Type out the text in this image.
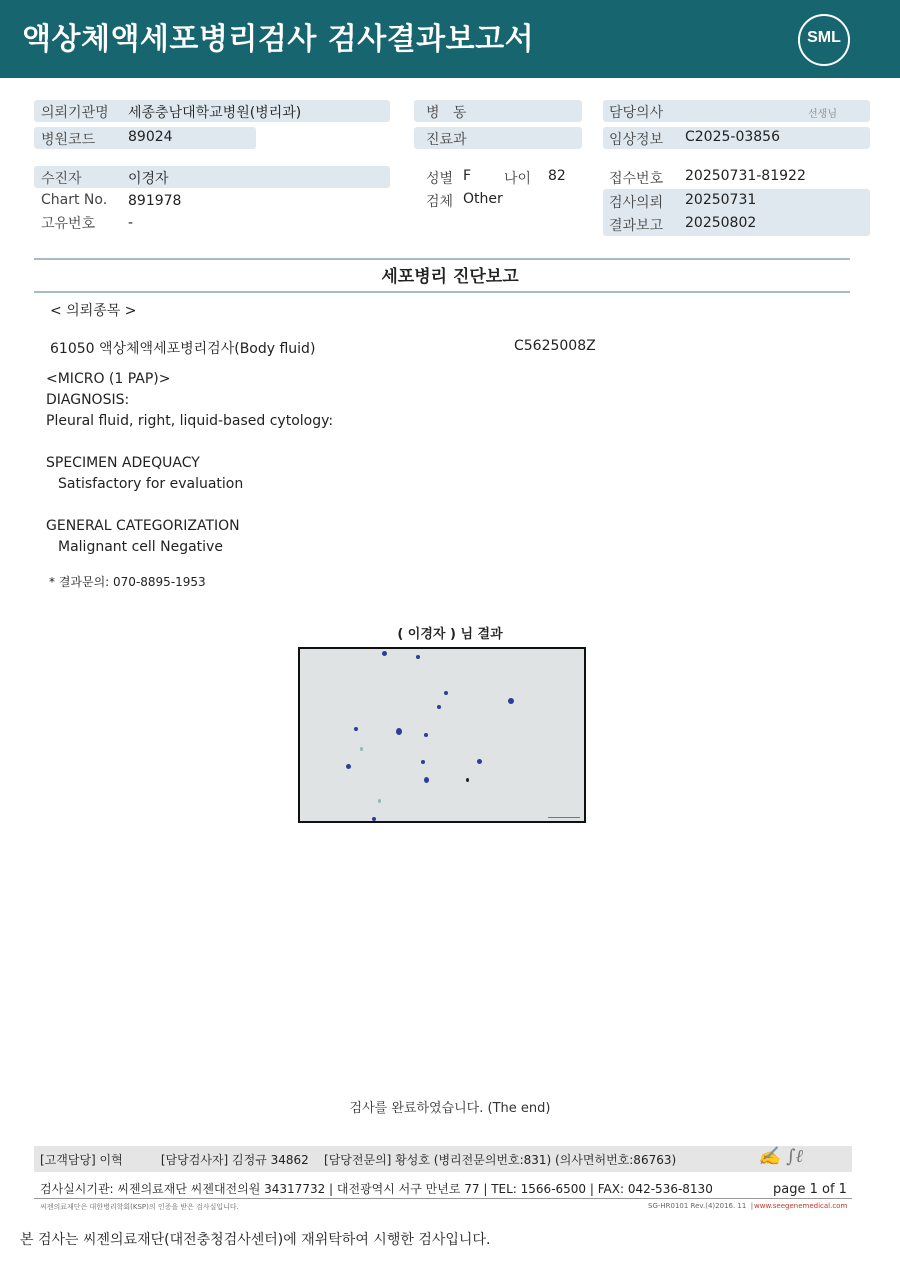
액상체액세포병리검사 검사결과보고서	SML
의뢰기관명 세종충남대학교병원(병리과)
병원코드 89024
수진자	이경자
Chart No. 891978
고유번호 -
병   동
진료과
성별 F 나이 82
검체 Other
담당의사	선생님
임상정보 C2025-03856
접수번호 20250731-81922
검사의뢰 20250731
결과보고 20250802
세포병리 진단보고
< 의뢰종목 >
61050 액상체액세포병리검사(Body fluid)	C5625008Z
<MICRO (1 PAP)>
DIAGNOSIS:
Pleural fluid, right, liquid-based cytology:
SPECIMEN ADEQUACY
Satisfactory for evaluation
GENERAL CATEGORIZATION
Malignant cell Negative
* 결과문의: 070-8895-1953
( 이경자 ) 님 결과
검사를 완료하였습니다. (The end)
[고객담당] 이혁          [담당검사자] 김정규 34862    [담당전문의] 황성호 (병리전문의번호:831) (의사면허번호:86763)	✍ ∫ℓ
검사실시기관: 씨젠의료재단 씨젠대전의원 34317732 | 대전광역시 서구 만년로 77 | TEL: 1566-6500 | FAX: 042-536-8130	page 1 of 1
씨젠의료재단은 대한병리학회(KSP)의 인증을 받은 검사실입니다.	SG-HR0101 Rev.(4)2016. 11  |
www.seegenemedical.com
본 검사는 씨젠의료재단(대전충청검사센터)에 재위탁하여 시행한 검사입니다.
